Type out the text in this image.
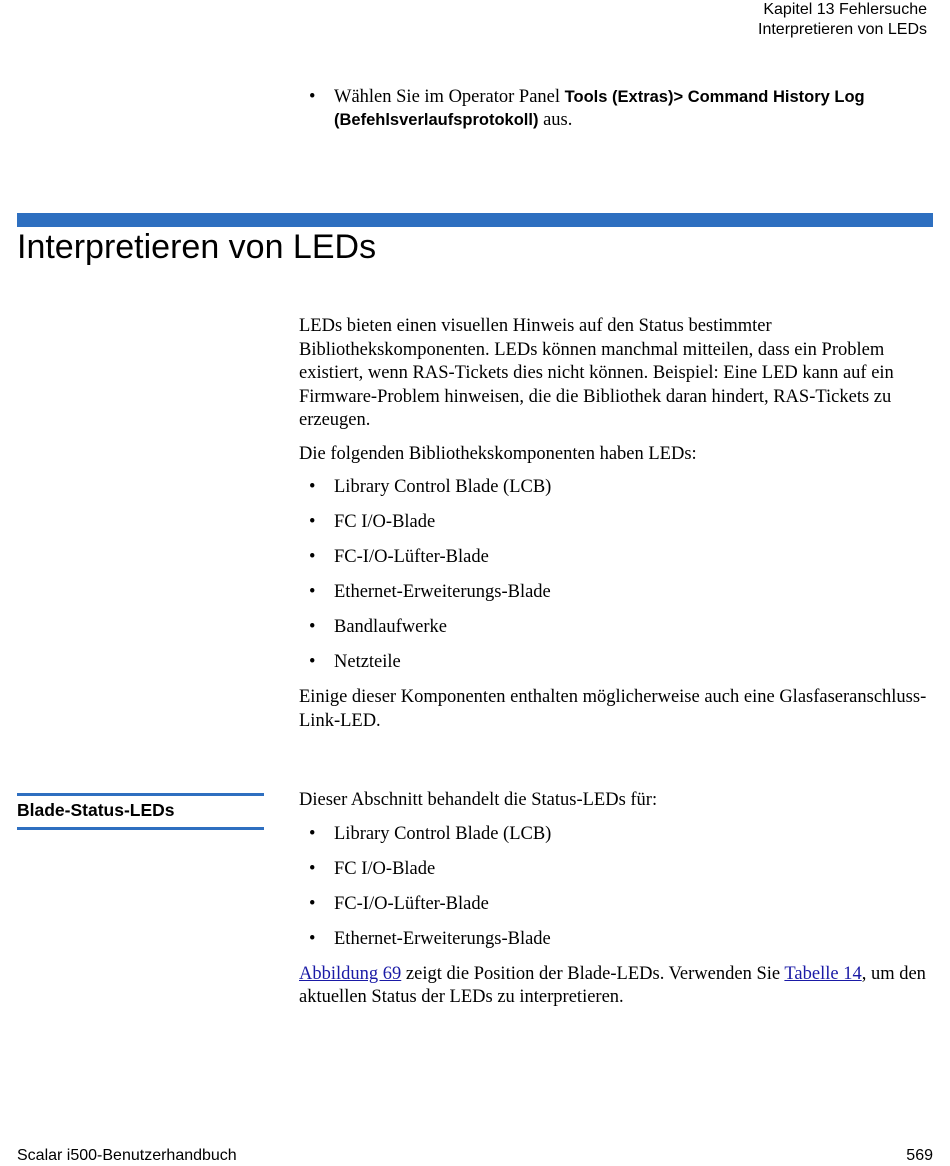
Kapitel 13 Fehlersuche
Interpretieren von LEDs
• Wählen Sie im Operator Panel Tools (Extras)> Command History Log (Befehlsverlaufsprotokoll) aus.
Interpretieren von LEDs

LEDs bieten einen visuellen Hinweis auf den Status bestimmter Bibliothekskomponenten. LEDs können manchmal mitteilen, dass ein Problem existiert, wenn RAS-Tickets dies nicht können. Beispiel: Eine LED kann auf ein Firmware-Problem hinweisen, die die Bibliothek daran hindert, RAS-Tickets zu erzeugen.

Die folgenden Bibliothekskomponenten haben LEDs:

• Library Control Blade (LCB)
• FC I/O-Blade
• FC-I/O-Lüfter-Blade
• Ethernet-Erweiterungs-Blade
• Bandlaufwerke
• Netzteile

Einige dieser Komponenten enthalten möglicherweise auch eine Glasfaseranschluss-Link-LED.

Blade-Status-LEDs	Dieser Abschnitt behandelt die Status-LEDs für:

• Library Control Blade (LCB)
• FC I/O-Blade
• FC-I/O-Lüfter-Blade
• Ethernet-Erweiterungs-Blade

Abbildung 69 zeigt die Position der Blade-LEDs. Verwenden Sie Tabelle 14, um den aktuellen Status der LEDs zu interpretieren.

Scalar i500-Benutzerhandbuch	569
